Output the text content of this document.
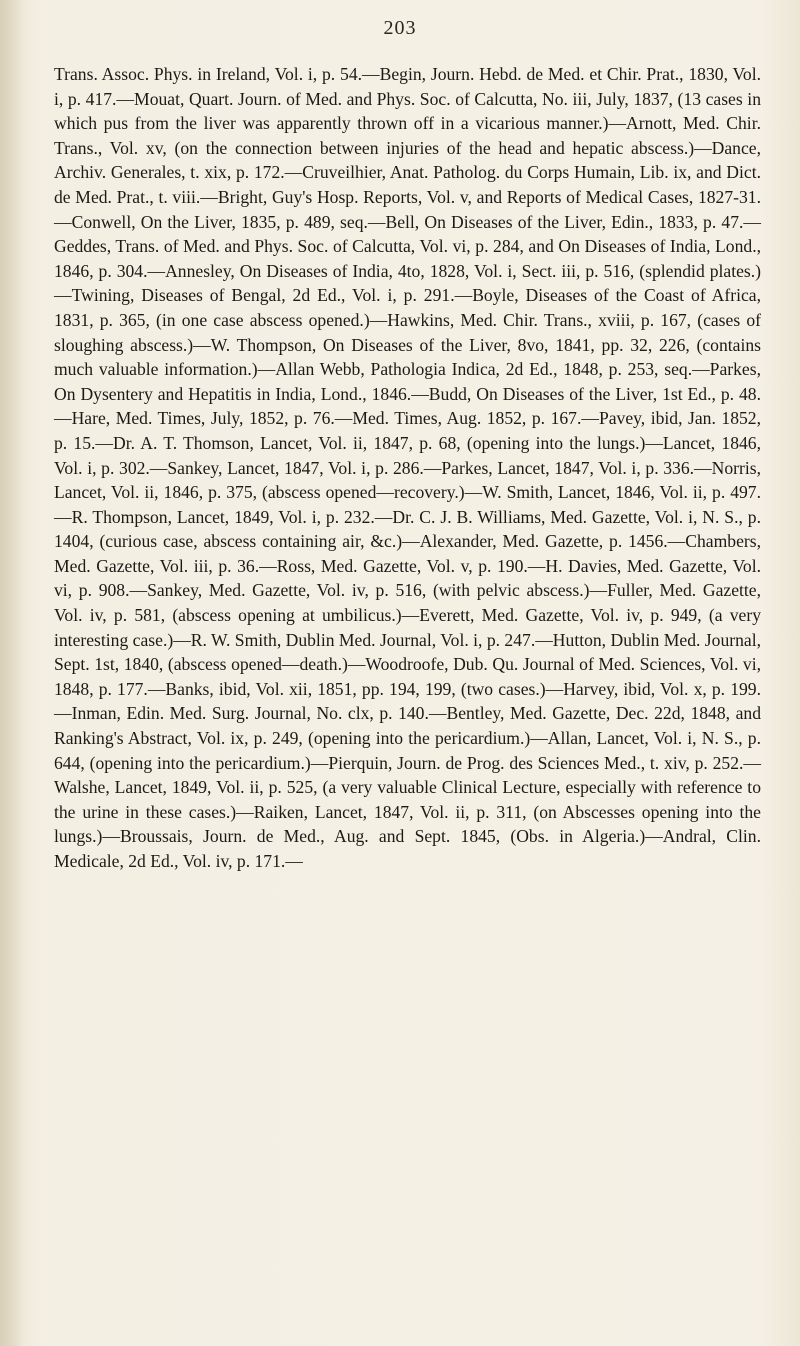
203

Trans. Assoc. Phys. in Ireland, Vol. i, p. 54.—Begin, Journ. Hebd. de Med. et Chir. Prat., 1830, Vol. i, p. 417.—Mouat, Quart. Journ. of Med. and Phys. Soc. of Calcutta, No. iii, July, 1837, (13 cases in which pus from the liver was apparently thrown off in a vicarious manner.)—Arnott, Med. Chir. Trans., Vol. xv, (on the connection between injuries of the head and hepatic abscess.)—Dance, Archiv. Generales, t. xix, p. 172.—Cruveilhier, Anat. Patholog. du Corps Humain, Lib. ix, and Dict. de Med. Prat., t. viii.—Bright, Guy's Hosp. Reports, Vol. v, and Reports of Medical Cases, 1827-31.—Conwell, On the Liver, 1835, p. 489, seq.—Bell, On Diseases of the Liver, Edin., 1833, p. 47.—Geddes, Trans. of Med. and Phys. Soc. of Calcutta, Vol. vi, p. 284, and On Diseases of India, Lond., 1846, p. 304.—Annesley, On Diseases of India, 4to, 1828, Vol. i, Sect. iii, p. 516, (splendid plates.)—Twining, Diseases of Bengal, 2d Ed., Vol. i, p. 291.—Boyle, Diseases of the Coast of Africa, 1831, p. 365, (in one case abscess opened.)—Hawkins, Med. Chir. Trans., xviii, p. 167, (cases of sloughing abscess.)—W. Thompson, On Diseases of the Liver, 8vo, 1841, pp. 32, 226, (contains much valuable information.)—Allan Webb, Pathologia Indica, 2d Ed., 1848, p. 253, seq.—Parkes, On Dysentery and Hepatitis in India, Lond., 1846.—Budd, On Diseases of the Liver, 1st Ed., p. 48.—Hare, Med. Times, July, 1852, p. 76.—Med. Times, Aug. 1852, p. 167.—Pavey, ibid, Jan. 1852, p. 15.—Dr. A. T. Thomson, Lancet, Vol. ii, 1847, p. 68, (opening into the lungs.)—Lancet, 1846, Vol. i, p. 302.—Sankey, Lancet, 1847, Vol. i, p. 286.—Parkes, Lancet, 1847, Vol. i, p. 336.—Norris, Lancet, Vol. ii, 1846, p. 375, (abscess opened—recovery.)—W. Smith, Lancet, 1846, Vol. ii, p. 497.—R. Thompson, Lancet, 1849, Vol. i, p. 232.—Dr. C. J. B. Williams, Med. Gazette, Vol. i, N. S., p. 1404, (curious case, abscess containing air, &c.)—Alexander, Med. Gazette, p. 1456.—Chambers, Med. Gazette, Vol. iii, p. 36.—Ross, Med. Gazette, Vol. v, p. 190.—H. Davies, Med. Gazette, Vol. vi, p. 908.—Sankey, Med. Gazette, Vol. iv, p. 516, (with pelvic abscess.)—Fuller, Med. Gazette, Vol. iv, p. 581, (abscess opening at umbilicus.)—Everett, Med. Gazette, Vol. iv, p. 949, (a very interesting case.)—R. W. Smith, Dublin Med. Journal, Vol. i, p. 247.—Hutton, Dublin Med. Journal, Sept. 1st, 1840, (abscess opened—death.)—Woodroofe, Dub. Qu. Journal of Med. Sciences, Vol. vi, 1848, p. 177.—Banks, ibid, Vol. xii, 1851, pp. 194, 199, (two cases.)—Harvey, ibid, Vol. x, p. 199.—Inman, Edin. Med. Surg. Journal, No. clx, p. 140.—Bentley, Med. Gazette, Dec. 22d, 1848, and Ranking's Abstract, Vol. ix, p. 249, (opening into the pericardium.)—Allan, Lancet, Vol. i, N. S., p. 644, (opening into the pericardium.)—Pierquin, Journ. de Prog. des Sciences Med., t. xiv, p. 252.—Walshe, Lancet, 1849, Vol. ii, p. 525, (a very valuable Clinical Lecture, especially with reference to the urine in these cases.)—Raiken, Lancet, 1847, Vol. ii, p. 311, (on Abscesses opening into the lungs.)—Broussais, Journ. de Med., Aug. and Sept. 1845, (Obs. in Algeria.)—Andral, Clin. Medicale, 2d Ed., Vol. iv, p. 171.—
